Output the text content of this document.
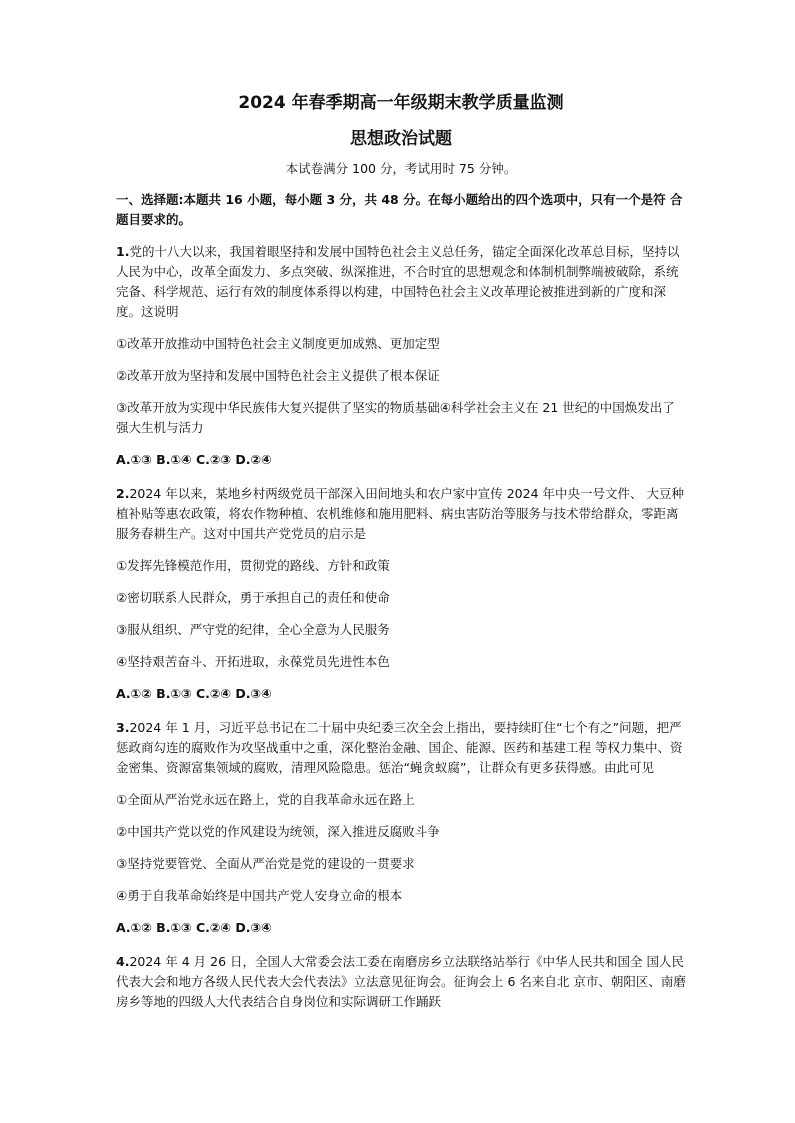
2024 年春季期高一年级期末教学质量监测
思想政治试题
本试卷满分 100 分，考试用时 75 分钟。
一、选择题:本题共 16 小题，每小题 3 分，共 48 分。在每小题给出的四个选项中，只有一个是符 合题目要求的。
1.党的十八大以来，我国着眼坚持和发展中国特色社会主义总任务，锚定全面深化改革总目标，坚持以人民为中心，改革全面发力、多点突破、纵深推进，不合时宜的思想观念和体制机制弊端被破除，系统完备、科学规范、运行有效的制度体系得以构建，中国特色社会主义改革理论被推进到新的广度和深度。这说明
①改革开放推动中国特色社会主义制度更加成熟、更加定型
②改革开放为坚持和发展中国特色社会主义提供了根本保证
③改革开放为实现中华民族伟大复兴提供了坚实的物质基础④科学社会主义在 21 世纪的中国焕发出了强大生机与活力
A.①③ B.①④ C.②③ D.②④
2.2024 年以来，某地乡村两级党员干部深入田间地头和农户家中宣传 2024 年中央一号文件、 大豆种植补贴等惠农政策，将农作物种植、农机维修和施用肥料、病虫害防治等服务与技术带给群众，零距离服务春耕生产。这对中国共产党党员的启示是
①发挥先锋模范作用，贯彻党的路线、方针和政策
②密切联系人民群众，勇于承担自己的责任和使命
③服从组织、严守党的纪律，全心全意为人民服务
④坚持艰苦奋斗、开拓进取，永葆党员先进性本色
A.①② B.①③ C.②④ D.③④
3.2024 年 1 月，习近平总书记在二十届中央纪委三次全会上指出，要持续盯住“七个有之”问题，把严惩政商勾连的腐败作为攻坚战重中之重，深化整治金融、国企、能源、医药和基建工程 等权力集中、资金密集、资源富集领域的腐败，清理风险隐患。惩治“蝇贪蚁腐”，让群众有更多获得感。由此可见
①全面从严治党永远在路上，党的自我革命永远在路上
②中国共产党以党的作风建设为统领，深入推进反腐败斗争
③坚持党要管党、全面从严治党是党的建设的一贯要求
④勇于自我革命始终是中国共产党人安身立命的根本
A.①② B.①③ C.②④ D.③④
4.2024 年 4 月 26 日，全国人大常委会法工委在南磨房乡立法联络站举行《中华人民共和国全 国人民代表大会和地方各级人民代表大会代表法》立法意见征询会。征询会上 6 名来自北 京市、朝阳区、南磨房乡等地的四级人大代表结合自身岗位和实际调研工作踊跃
